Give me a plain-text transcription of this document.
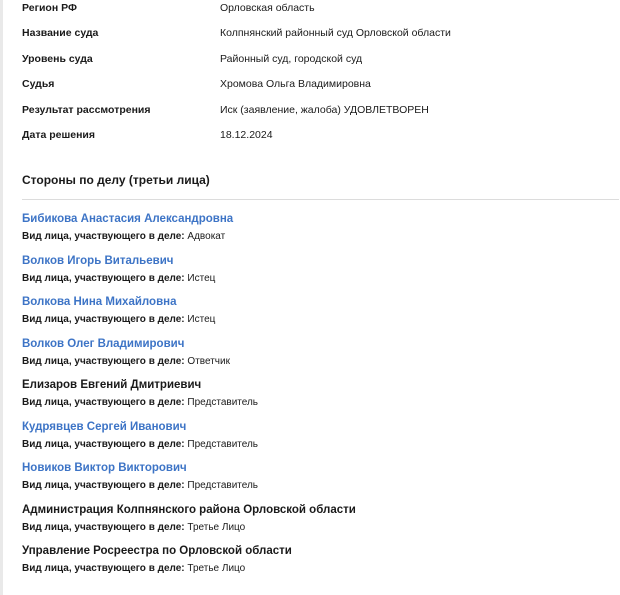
Регион РФ	Орловская область
Название суда	Колпнянский районный суд Орловской области
Уровень суда	Районный суд, городской суд
Судья	Хромова Ольга Владимировна
Результат рассмотрения	Иск (заявление, жалоба) УДОВЛЕТВОРЕН
Дата решения	18.12.2024
Стороны по делу (третьи лица)
Бибикова Анастасия Александровна
Вид лица, участвующего в деле: Адвокат
Волков Игорь Витальевич
Вид лица, участвующего в деле: Истец
Волкова Нина Михайловна
Вид лица, участвующего в деле: Истец
Волков Олег Владимирович
Вид лица, участвующего в деле: Ответчик
Елизаров Евгений Дмитриевич
Вид лица, участвующего в деле: Представитель
Кудрявцев Сергей Иванович
Вид лица, участвующего в деле: Представитель
Новиков Виктор Викторович
Вид лица, участвующего в деле: Представитель
Администрация Колпнянского района Орловской области
Вид лица, участвующего в деле: Третье Лицо
Управление Росреестра по Орловской области
Вид лица, участвующего в деле: Третье Лицо
